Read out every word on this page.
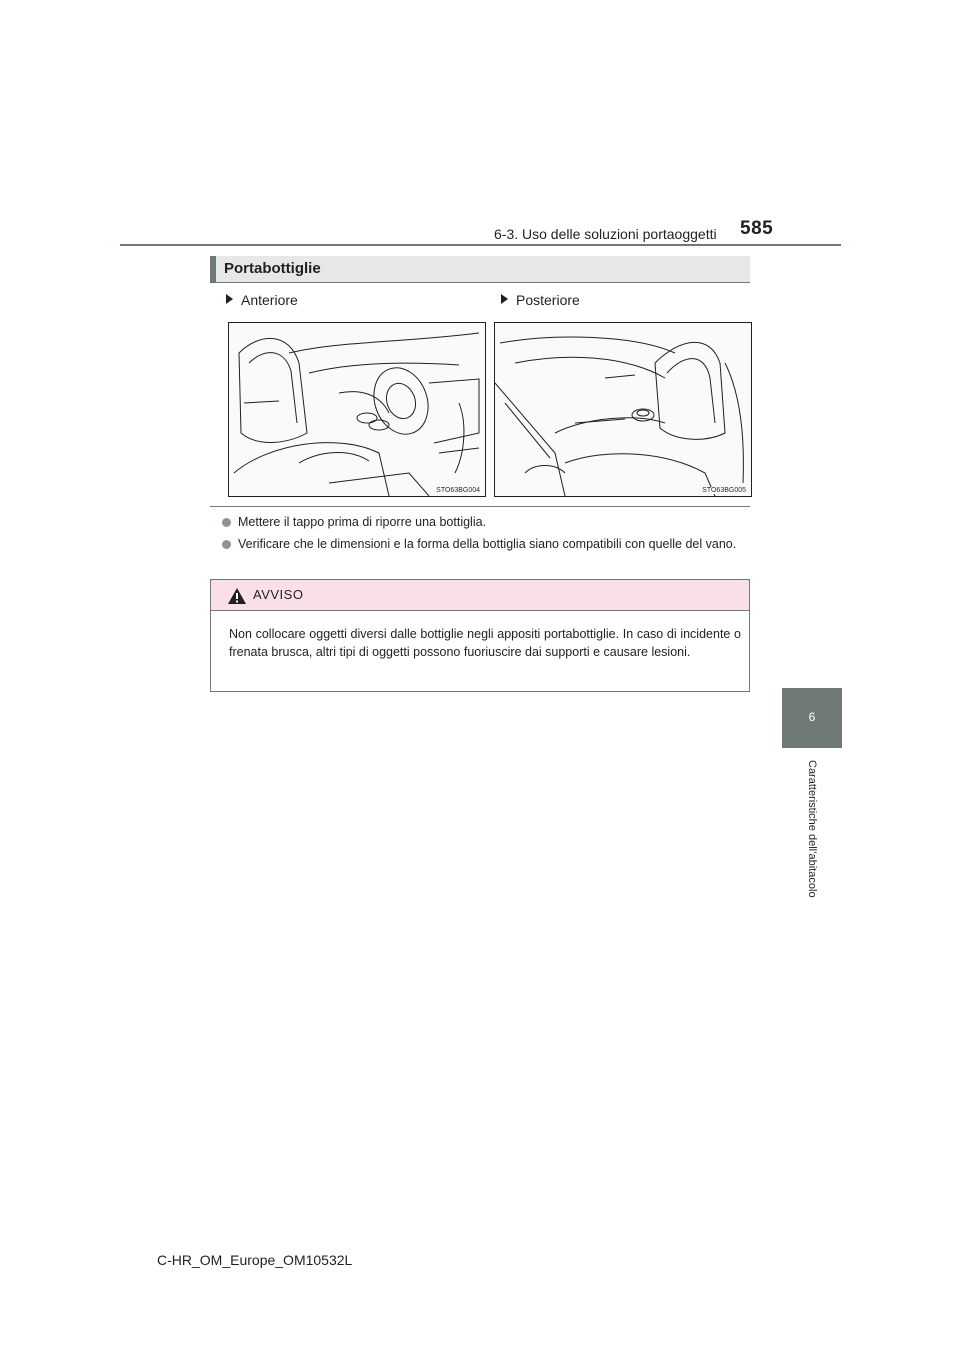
6-3. Uso delle soluzioni portaoggetti 585
6
Caratteristiche dell’abitacolo
Portabottiglie
Anteriore	Posteriore
STO63BG004	STO63BG005
Mettere il tappo prima di riporre una bottiglia.
Verificare che le dimensioni e la forma della bottiglia siano compatibili con quelle del vano.
AVVISO
Non collocare oggetti diversi dalle bottiglie negli appositi portabottiglie. In caso di incidente o frenata brusca, altri tipi di oggetti possono fuoriuscire dai supporti e causare lesioni.
C-HR_OM_Europe_OM10532L
